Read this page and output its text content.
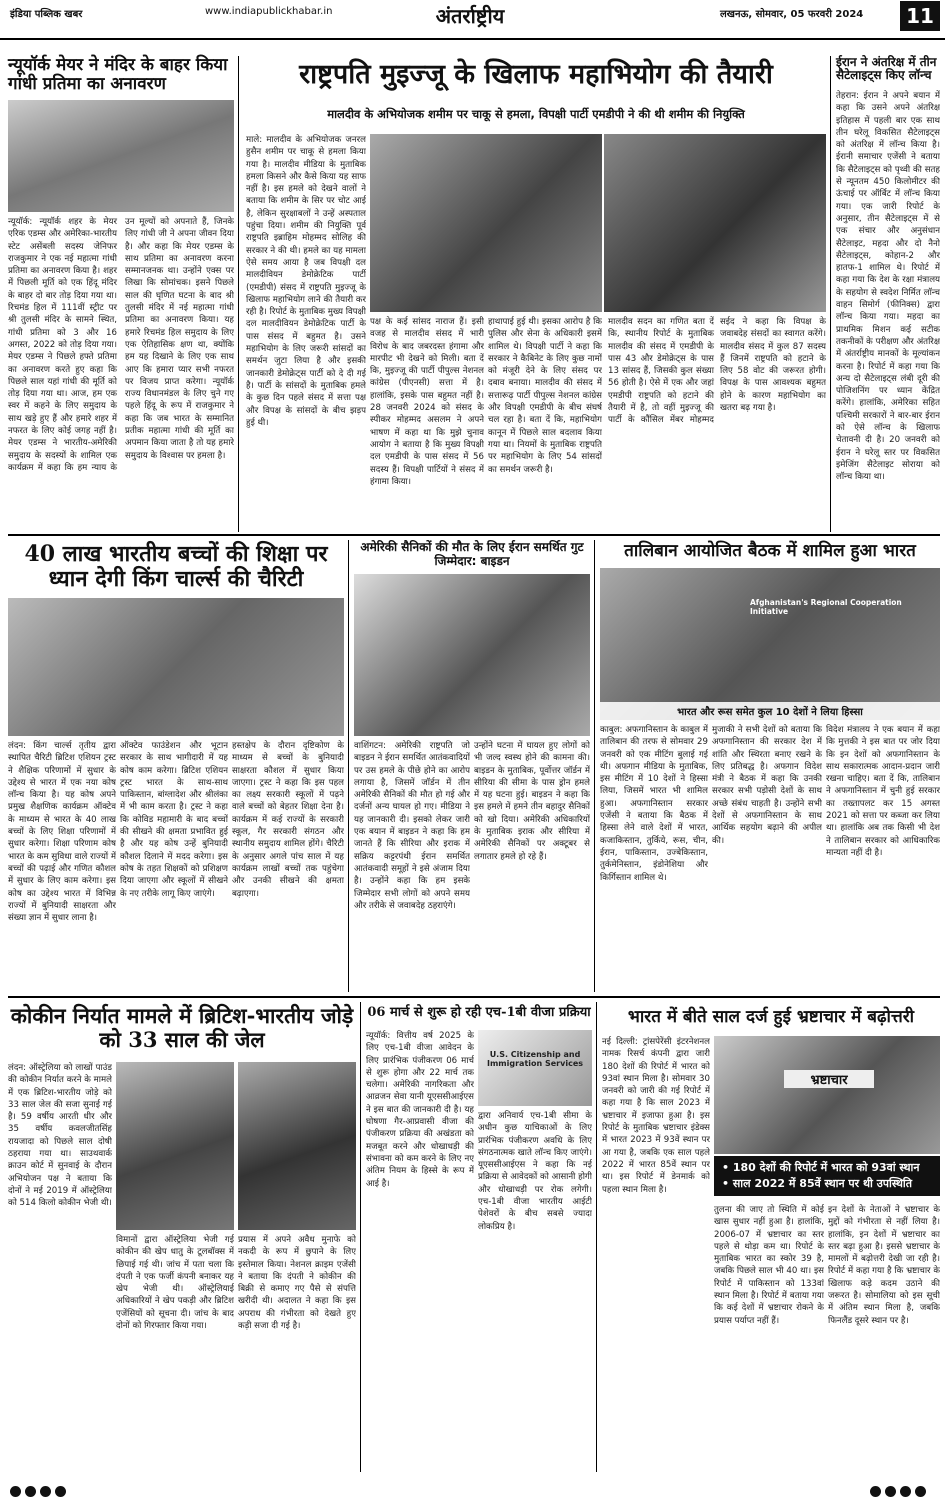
इंडिया पब्लिक खबर	www.indiapublickhabar.in	अंतर्राष्ट्रीय	लखनऊ, सोमवार, 05 फरवरी 2024	11
न्यूयॉर्क मेयर ने मंदिर के बाहर किया गांधी प्रतिमा का अनावरण
न्यूयॉर्क: न्यूयॉर्क शहर के मेयर एरिक एडम्स और अमेरिका-भारतीय स्टेट असेंबली सदस्य जेनिफर राजकुमार ने एक नई महात्मा गांधी प्रतिमा का अनावरण किया है। शहर में पिछली मूर्ति को एक हिंदू मंदिर के बाहर दो बार तोड़ दिया गया था। रिचमंड हिल में 111वीं स्ट्रीट पर श्री तुलसी मंदिर के सामने स्थित, गांधी प्रतिमा को 3 और 16 अगस्त, 2022 को तोड़ दिया गया। मेयर एडम्स ने पिछले हफ्ते प्रतिमा का अनावरण करते हुए कहा कि पिछले साल यहां गांधी की मूर्ति को तोड़ दिया गया था। आज, हम एक स्वर में कहने के लिए समुदाय के साथ खड़े हुए हैं और हमारे शहर में नफरत के लिए कोई जगह नहीं है। मेयर एडम्स ने भारतीय-अमेरिकी समुदाय के सदस्यों के शामिल एक कार्यक्रम में कहा कि हम न्याय के उन मूल्यों को अपनाते हैं, जिनके लिए गांधी जी ने अपना जीवन दिया है। और कहा कि मेयर एडम्स के साथ प्रतिमा का अनावरण करना सम्मानजनक था। उन्होंने एक्स पर लिखा कि सोमांचक। इसने पिछले साल की घृणित घटना के बाद श्री तुलसी मंदिर में नई महात्मा गांधी प्रतिमा का अनावरण किया। यह हमारे रिचमंड हिल समुदाय के लिए एक ऐतिहासिक क्षण था, क्योंकि हम यह दिखाने के लिए एक साथ आए कि हमारा प्यार सभी नफरत पर विजय प्राप्त करेगा। न्यूयॉर्क राज्य विधानमंडल के लिए चुने गए पहले हिंदू के रूप में राजकुमार ने कहा कि जब भारत के सम्मानित प्रतीक महात्मा गांधी की मूर्ति का अपमान किया जाता है तो यह हमारे समुदाय के विश्वास पर हमला है।
राष्ट्रपति मुइज्जू के खिलाफ महाभियोग की तैयारी
मालदीव के अभियोजक शमीम पर चाकू से हमला, विपक्षी पार्टी एमडीपी ने की थी शमीम की नियुक्ति
माले: मालदीव के अभियोजक जनरल हुसैन शमीम पर चाकू से हमला किया गया है। मालदीव मीडिया के मुताबिक हमला किसने और कैसे किया यह साफ नहीं है। इस हमले को देखने वालों ने बताया कि शमीम के सिर पर चोट आई है, लेकिन सुरक्षाबलों ने उन्हें अस्पताल पहुंचा दिया। शमीम की नियुक्ति पूर्व राष्ट्रपति इब्राहिम मोहम्मद सोलिह की सरकार ने की थी। हमले का यह मामला ऐसे समय आया है जब विपक्षी दल मालदीवियन डेमोक्रेटिक पार्टी (एमडीपी) संसद में राष्ट्रपति मुइज्जू के खिलाफ महाभियोग लाने की तैयारी कर रही है। रिपोर्ट के मुताबिक मुख्य विपक्षी दल मालदीवियन डेमोक्रेटिक पार्टी के पास संसद में बहुमत है। उसने महाभियोग के लिए जरूरी सांसदों का समर्थन जुटा लिया है और इसकी जानकारी डेमोक्रेट्स पार्टी को दे दी गई है। पार्टी के सांसदों के मुताबिक हमले के कुछ दिन पहले संसद में सत्ता पक्ष और विपक्ष के सांसदों के बीच झड़प हुई थी।
पक्ष के कई सांसद नाराज हैं। इसी वजह से मालदीव संसद में भारी विरोध के बाद जबरदस्त हंगामा और मारपीट भी देखने को मिली। बता दें कि, मुइज्जू की पार्टी पीपुल्स नेशनल कांग्रेस (पीएनसी) सत्ता में है। हालांकि, इसके पास बहुमत नहीं है। 28 जनवरी 2024 को संसद के स्पीकर मोहम्मद असलम ने अपने भाषण में कहा था कि मुझे चुनाव आयोग ने बताया है कि मुख्य विपक्षी दल एमडीपी के पास संसद में 56 सदस्य हैं। विपक्षी पार्टियों ने संसद में हंगामा किया।
हाथापाई हुई थी। इसका आरोप है कि पुलिस और सेना के अधिकारी इसमें शामिल थे। विपक्षी पार्टी ने कहा कि सरकार ने कैबिनेट के लिए कुछ नामों को मंजूरी देने के लिए संसद पर दबाव बनाया। मालदीव की संसद में सत्तारूढ़ पार्टी पीपुल्स नेशनल कांग्रेस और विपक्षी एमडीपी के बीच संघर्ष चल रहा है। बता दें कि, महाभियोग कानून में पिछले साल बदलाव किया गया था। नियमों के मुताबिक राष्ट्रपति पर महाभियोग के लिए 54 सांसदों का समर्थन जरूरी है।
मालदीव सदन का गणित बता दें कि, स्थानीय रिपोर्ट के मुताबिक मालदीव की संसद में एमडीपी के पास 43 और डेमोक्रेट्स के पास 13 सांसद हैं, जिसकी कुल संख्या 56 होती है। ऐसे में एक और जहां एमडीपी राष्ट्रपति को हटाने की तैयारी में है, तो वहीं मुइज्जू की पार्टी के कौंसिल मेंबर मोहम्मद सईद ने कहा कि विपक्ष के जवाबदेह संसदों का स्वागत करेंगे। मालदीव संसद में कुल 87 सदस्य हैं जिनमें राष्ट्रपति को हटाने के लिए 58 वोट की जरूरत होगी। विपक्ष के पास आवश्यक बहुमत होने के कारण महाभियोग का खतरा बढ़ गया है।
ईरान ने अंतरिक्ष में तीन सैटेलाइट्स किए लॉन्च
तेहरान: ईरान ने अपने बयान में कहा कि उसने अपने अंतरिक्ष इतिहास में पहली बार एक साथ तीन घरेलू विकसित सैटेलाइट्स को अंतरिक्ष में लॉन्च किया है। ईरानी समाचार एजेंसी ने बताया कि सैटेलाइट्स को पृथ्वी की सतह से न्यूनतम 450 किलोमीटर की ऊंचाई पर ऑर्बिट में लॉन्च किया गया। एक जारी रिपोर्ट के अनुसार, तीन सैटेलाइट्स में से एक संचार और अनुसंधान सैटेलाइट, महदा और दो नैनो सैटेलाइट्स, कोहान-2 और हातफ-1 शामिल थे। रिपोर्ट में कहा गया कि देश के रक्षा मंत्रालय के सहयोग से स्वदेश निर्मित लॉन्च वाहन सिमोर्ग (फीनिक्स) द्वारा लॉन्च किया गया। महदा का प्राथमिक मिशन कई सटीक तकनीकों के परीक्षण और अंतरिक्ष में अंतर्राष्ट्रीय मानकों के मूल्यांकन करना है। रिपोर्ट में कहा गया कि अन्य दो सैटेलाइट्स लंबी दूरी की पोजिशनिंग पर ध्यान केंद्रित करेंगे। हालांकि, अमेरिका सहित पश्चिमी सरकारों ने बार-बार ईरान को ऐसे लॉन्च के खिलाफ चेतावनी दी है। 20 जनवरी को ईरान ने घरेलू स्तर पर विकसित इमेजिंग सैटेलाइट सोराया को लॉन्च किया था।
40 लाख भारतीय बच्चों की शिक्षा पर ध्यान देगी किंग चार्ल्स की चैरिटी
लंदन: किंग चार्ल्स तृतीय द्वारा स्थापित चैरिटी ब्रिटिश एशियन ट्रस्ट ने शैक्षिक परिणामों में सुधार के उद्देश्य से भारत में एक नया कोष लॉन्च किया है। यह कोष अपने प्रमुख शैक्षणिक कार्यक्रम ऑक्टेव के माध्यम से भारत के 40 लाख बच्चों के लिए शिक्षा परिणामों में सुधार करेगा। शिक्षा परिणाम कोष भारत के कम सुविधा वाले राज्यों में बच्चों की पढ़ाई और गणित कौशल में सुधार के लिए काम करेगा। इस कोष का उद्देश्य भारत में विभिन्न राज्यों में बुनियादी साक्षरता और संख्या ज्ञान में सुधार लाना है।
ऑक्टेव फाउंडेशन और भूटान सरकार के साथ भागीदारी में यह कोष काम करेगा। ब्रिटिश एशियन ट्रस्ट भारत के साथ-साथ पाकिस्तान, बांग्लादेश और श्रीलंका में भी काम करता है। ट्रस्ट ने कहा कि कोविड महामारी के बाद बच्चों की सीखने की क्षमता प्रभावित हुई है और यह कोष उन्हें बुनियादी कौशल दिलाने में मदद करेगा। इस कोष के तहत शिक्षकों को प्रशिक्षण दिया जाएगा और स्कूलों में सीखने के नए तरीके लागू किए जाएंगे।
हस्तक्षेप के दौरान दृष्टिकोण के माध्यम से बच्चों के बुनियादी साक्षरता कौशल में सुधार किया जाएगा। ट्रस्ट ने कहा कि इस पहल का लक्ष्य सरकारी स्कूलों में पढ़ने वाले बच्चों को बेहतर शिक्षा देना है। कार्यक्रम में कई राज्यों के सरकारी स्कूल, गैर सरकारी संगठन और स्थानीय समुदाय शामिल होंगे। चैरिटी के अनुसार अगले पांच साल में यह कार्यक्रम लाखों बच्चों तक पहुंचेगा और उनकी सीखने की क्षमता बढ़ाएगा।
अमेरिकी सैनिकों की मौत के लिए ईरान समर्थित गुट जिम्मेदार: बाइडन
वाशिंगटन: अमेरिकी राष्ट्रपति जो बाइडन ने ईरान समर्थित आतंकवादियों पर उस हमले के पीछे होने का आरोप लगाया है, जिसमें जॉर्डन में तीन अमेरिकी सैनिकों की मौत हो गई और दर्जनों अन्य घायल हो गए। मीडिया ने यह जानकारी दी। इसको लेकर जारी एक बयान में बाइडन ने कहा कि हम जानते हैं कि सीरिया और इराक में सक्रिय कट्टरपंथी ईरान समर्थित आतंकवादी समूहों ने इसे अंजाम दिया है। उन्होंने कहा कि हम इसके जिम्मेदार सभी लोगों को अपने समय और तरीके से जवाबदेह ठहराएंगे।
उन्होंने घटना में घायल हुए लोगों को भी जल्द स्वस्थ होने की कामना की। बाइडन के मुताबिक, पूर्वोत्तर जॉर्डन में सीरिया की सीमा के पास ड्रोन हमले में यह घटना हुई। बाइडन ने कहा कि इस हमले में हमने तीन बहादुर सैनिकों को खो दिया। अमेरिकी अधिकारियों के मुताबिक इराक और सीरिया में अमेरिकी सैनिकों पर अक्टूबर से लगातार हमले हो रहे हैं।
तालिबान आयोजित बैठक में शामिल हुआ भारत
Afghanistan's Regional Cooperation Initiative
भारत और रूस समेत कुल 10 देशों ने लिया हिस्सा
काबुल: अफगानिस्तान के काबुल में तालिबान की तरफ से सोमवार 29 जनवरी को एक मीटिंग बुलाई गई थी। अफगान मीडिया के मुताबिक, इस मीटिंग में 10 देशों ने हिस्सा लिया, जिसमें भारत भी शामिल हुआ। अफगानिस्तान सरकार एजेंसी ने बताया कि बैठक में हिस्सा लेने वाले देशों में भारत, कजाकिस्तान, तुर्किये, रूस, चीन, ईरान, पाकिस्तान, उज्बेकिस्तान, तुर्कमेनिस्तान, इंडोनेशिया और किर्गिस्तान शामिल थे।
मुजाकी ने सभी देशों को बताया कि अफगानिस्तान की सरकार देश में शांति और स्थिरता बनाए रखने के लिए प्रतिबद्ध है। अफगान विदेश मंत्री ने बैठक में कहा कि उनकी सरकार सभी पड़ोसी देशों के साथ अच्छे संबंध चाहती है। उन्होंने सभी देशों से अफगानिस्तान के साथ आर्थिक सहयोग बढ़ाने की अपील की।
विदेश मंत्रालय ने एक बयान में कहा कि मुत्तकी ने इस बात पर जोर दिया कि इन देशों को अफगानिस्तान के साथ सकारात्मक आदान-प्रदान जारी रखना चाहिए। बता दें कि, तालिबान ने अफगानिस्तान में चुनी हुई सरकार का तख्तापलट कर 15 अगस्त 2021 को सत्ता पर कब्जा कर लिया था। हालांकि अब तक किसी भी देश ने तालिबान सरकार को आधिकारिक मान्यता नहीं दी है।
कोकीन निर्यात मामले में ब्रिटिश-भारतीय जोड़े को 33 साल की जेल
लंदन: ऑस्ट्रेलिया को लाखों पाउंड की कोकीन निर्यात करने के मामले में एक ब्रिटिश-भारतीय जोड़े को 33 साल जेल की सजा सुनाई गई है। 59 वर्षीय आरती धीर और 35 वर्षीय कवलजीतसिंह रायजादा को पिछले साल दोषी ठहराया गया था। साउथवार्क क्राउन कोर्ट में सुनवाई के दौरान अभियोजन पक्ष ने बताया कि दोनों ने मई 2019 में ऑस्ट्रेलिया को 514 किलो कोकीन भेजी थी।
विमानों द्वारा ऑस्ट्रेलिया भेजी गई कोकीन की खेप धातु के टूलबॉक्स में छिपाई गई थी। जांच में पता चला कि दंपती ने एक फर्जी कंपनी बनाकर यह खेप भेजी थी। ऑस्ट्रेलियाई अधिकारियों ने खेप पकड़ी और ब्रिटिश एजेंसियों को सूचना दी। जांच के बाद दोनों को गिरफ्तार किया गया।
प्रयास में अपने अवैध मुनाफे को नकदी के रूप में छुपाने के लिए इस्तेमाल किया। नेशनल क्राइम एजेंसी ने बताया कि दंपती ने कोकीन की बिक्री से कमाए गए पैसे से संपत्ति खरीदी थी। अदालत ने कहा कि इस अपराध की गंभीरता को देखते हुए कड़ी सजा दी गई है।
06 मार्च से शुरू हो रही एच-1बी वीजा प्रक्रिया
न्यूयॉर्क: वित्तीय वर्ष 2025 के लिए एच-1बी वीजा आवेदन के लिए प्रारंभिक पंजीकरण 06 मार्च से शुरू होगा और 22 मार्च तक चलेगा। अमेरिकी नागरिकता और आव्रजन सेवा यानी यूएससीआईएस ने इस बात की जानकारी दी है। यह घोषणा गैर-आप्रवासी वीजा की पंजीकरण प्रक्रिया की अखंडता को मजबूत करने और धोखाधड़ी की संभावना को कम करने के लिए नए अंतिम नियम के हिस्से के रूप में आई है।
U.S. Citizenship and Immigration Services
द्वारा अनिवार्य एच-1बी सीमा के अधीन कुछ याचिकाओं के लिए प्रारंभिक पंजीकरण अवधि के लिए संगठनात्मक खाते लॉन्च किए जाएंगे। यूएससीआईएस ने कहा कि नई प्रक्रिया से आवेदकों को आसानी होगी और धोखाधड़ी पर रोक लगेगी। एच-1बी वीजा भारतीय आईटी पेशेवरों के बीच सबसे ज्यादा लोकप्रिय है।
भारत में बीते साल दर्ज हुई भ्रष्टाचार में बढ़ोत्तरी
नई दिल्ली: ट्रांसपेरेंसी इंटरनेशनल नामक रिसर्च कंपनी द्वारा जारी 180 देशों की रिपोर्ट में भारत को 93वां स्थान मिला है। सोमवार 30 जनवरी को जारी की गई रिपोर्ट में कहा गया है कि साल 2023 में भ्रष्टाचार में इजाफा हुआ है। इस रिपोर्ट के मुताबिक भ्रष्टाचार इंडेक्स में भारत 2023 में 93वें स्थान पर आ गया है, जबकि एक साल पहले 2022 में भारत 85वें स्थान पर था। इस रिपोर्ट में डेनमार्क को पहला स्थान मिला है।
भ्रष्टाचार
• 180 देशों की रिपोर्ट में भारत को 93वां स्थान
• साल 2022 में 85वें स्थान पर थी उपस्थिति
तुलना की जाए तो स्थिति में कोई खास सुधार नहीं हुआ है। हालांकि, 2006-07 में भ्रष्टाचार का स्तर पहले से थोड़ा कम था। रिपोर्ट के मुताबिक भारत का स्कोर 39 है, जबकि पिछले साल भी 40 था। इस रिपोर्ट में पाकिस्तान को 133वां स्थान मिला है। रिपोर्ट में बताया गया कि कई देशों में भ्रष्टाचार रोकने के प्रयास पर्याप्त नहीं हैं।
इन देशों के नेताओं ने भ्रष्टाचार के मुद्दों को गंभीरता से नहीं लिया है। हालांकि, इन देशों में भ्रष्टाचार का स्तर बढ़ा हुआ है। इससे भ्रष्टाचार के मामलों में बढ़ोत्तरी देखी जा रही है। रिपोर्ट में कहा गया है कि भ्रष्टाचार के खिलाफ कड़े कदम उठाने की जरूरत है। सोमालिया को इस सूची में अंतिम स्थान मिला है, जबकि फिनलैंड दूसरे स्थान पर है।
